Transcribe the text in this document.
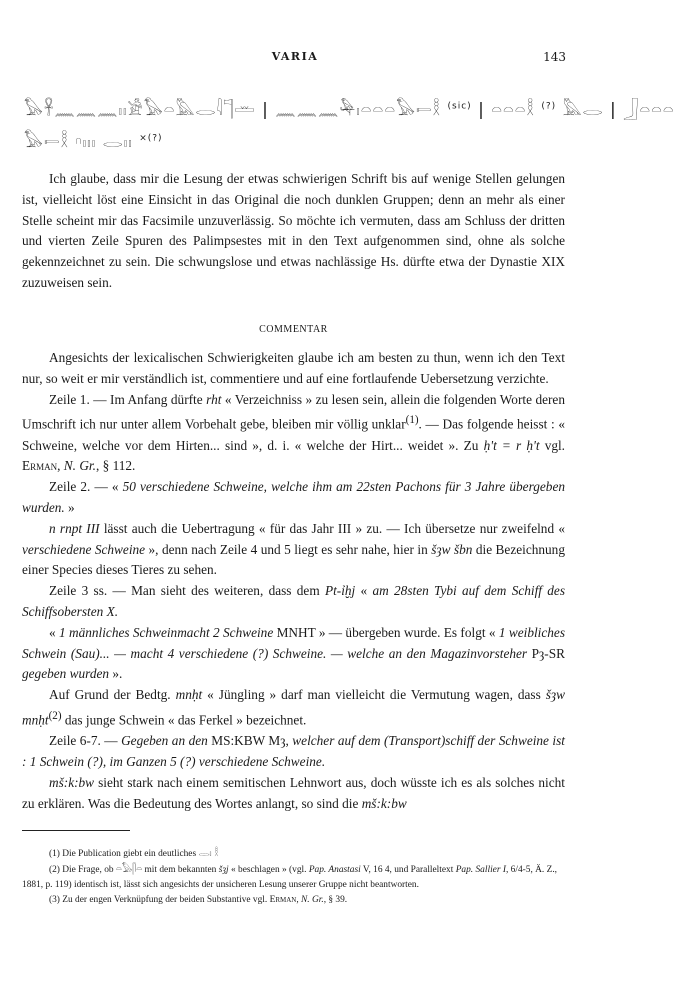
VARIA	143
𓅃𓋹𓈖𓈖𓈖𓏤𓏤𓀀𓅃𓏏𓅓𓂋𓇋𓊹𓏛 | 𓈖𓈖𓈖𓅆𓏤𓏏𓏏𓏏𓅃𓍿𓎛 $^{(sic)}$ | 𓏏𓏏𓏏𓎛 (?) 𓅓𓂋 | 𓃀𓏏𓏏𓏏
𓅃𓍿𓎛 𓎆𓏤𓏤𓏤 𓂋𓏤𓏤 ×(?)

Ich glaube, dass mir die Lesung der etwas schwierigen Schrift bis auf wenige Stellen gelungen ist, vielleicht löst eine Einsicht in das Original die noch dunklen Gruppen; denn an mehr als einer Stelle scheint mir das Facsimile unzuverlässig. So möchte ich vermuten, dass am Schluss der dritten und vierten Zeile Spuren des Palimpsestes mit in den Text aufgenommen sind, ohne als solche gekennzeichnet zu sein. Die schwungslose und etwas nachlässige Hs. dürfte etwa der Dynastie XIX zuzuweisen sein.

COMMENTAR

Angesichts der lexicalischen Schwierigkeiten glaube ich am besten zu thun, wenn ich den Text nur, so weit er mir verständlich ist, commentiere und auf eine fortlaufende Uebersetzung verzichte.

Zeile 1. — Im Anfang dürfte rht « Verzeichniss » zu lesen sein, allein die folgenden Worte deren Umschrift ich nur unter allem Vorbehalt gebe, bleiben mir völlig unklar$^{(1)}$. — Das folgende heisst : « Schweine, welche vor dem Hirten... sind », d. i. « welche der Hirt... weidet ». Zu ḥ't = r ḥ't vgl. Erman, N. Gr., § 112.

Zeile 2. — « 50 verschiedene Schweine, welche ihm am 22sten Pachons für 3 Jahre übergeben wurden. »

n rnpt III lässt auch die Uebertragung « für das Jahr III » zu. — Ich übersetze nur zweifelnd « verschiedene Schweine », denn nach Zeile 4 und 5 liegt es sehr nahe, hier in šȝw šbn die Bezeichnung einer Species dieses Tieres zu sehen.

Zeile 3 ss. — Man sieht des weiteren, dass dem Pt-ỉḫj « am 28sten Tybi auf dem Schiff des Schiffsobersten X.

« 1 männliches Schweinmacht 2 Schweine MNHT » — übergeben wurde. Es folgt « 1 weibliches Schwein (Sau)... — macht 4 verschiedene (?) Schweine. — welche an den Magazinvorsteher Pȝ-SR gegeben wurden ».

Auf Grund der Bedtg. mnḥt « Jüngling » darf man vielleicht die Vermutung wagen, dass šȝw mnḥt$^{(2)}$ das junge Schwein « das Ferkel » bezeichnet.

Zeile 6-7. — Gegeben an den MS:KBW Mȝ, welcher auf dem (Transport)schiff der Schweine ist : 1 Schwein (?), im Ganzen 5 (?) verschiedene Schweine.

mš:k:bw sieht stark nach einem semitischen Lehnwort aus, doch wüsste ich es als solches nicht zu erklären. Was die Bedeutung des Wortes anlangt, so sind die mš:k:bw

(1) Die Publication giebt ein deutliches 𓂋𓏤 𓎛

(2) Die Frage, ob 𓏏𓅃𓋴𓏏 mit dem bekannten šȝj « beschlagen » (vgl. Pap. Anastasi V, 16 4, und Paralleltext Pap. Sallier I, 6/4-5, Ä. Z., 1881, p. 119) identisch ist, lässt sich angesichts der unsicheren Lesung unserer Gruppe nicht beantworten.

(3) Zu der engen Verknüpfung der beiden Substantive vgl. Erman, N. Gr., § 39.
